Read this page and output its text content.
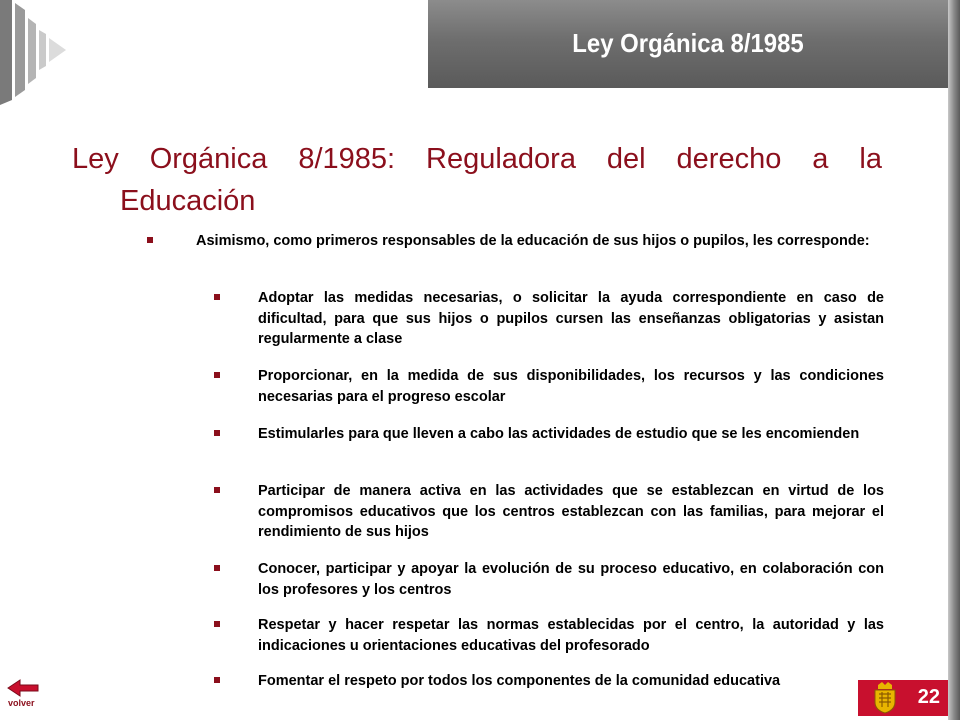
Ley Orgánica 8/1985
Ley Orgánica 8/1985: Reguladora del derecho a la
Educación
Asimismo, como primeros responsables de la educación de sus hijos o pupilos, les corresponde:
Adoptar las medidas necesarias, o solicitar la ayuda correspondiente en caso de dificultad, para que sus hijos o pupilos cursen las enseñanzas obligatorias y asistan regularmente a clase
Proporcionar, en la medida de sus disponibilidades, los recursos y las condiciones necesarias para el progreso escolar
Estimularles para que lleven a cabo las actividades de estudio que se les encomienden
Participar de manera activa en las actividades que se establezcan en virtud de los compromisos educativos que los centros establezcan con las familias, para mejorar el rendimiento de sus hijos
Conocer, participar y apoyar la evolución de su proceso educativo, en colaboración con los profesores y los centros
Respetar y hacer respetar las normas establecidas por el centro, la autoridad y las indicaciones u orientaciones educativas del profesorado
Fomentar el respeto por todos los componentes de la comunidad educativa
volver	22
